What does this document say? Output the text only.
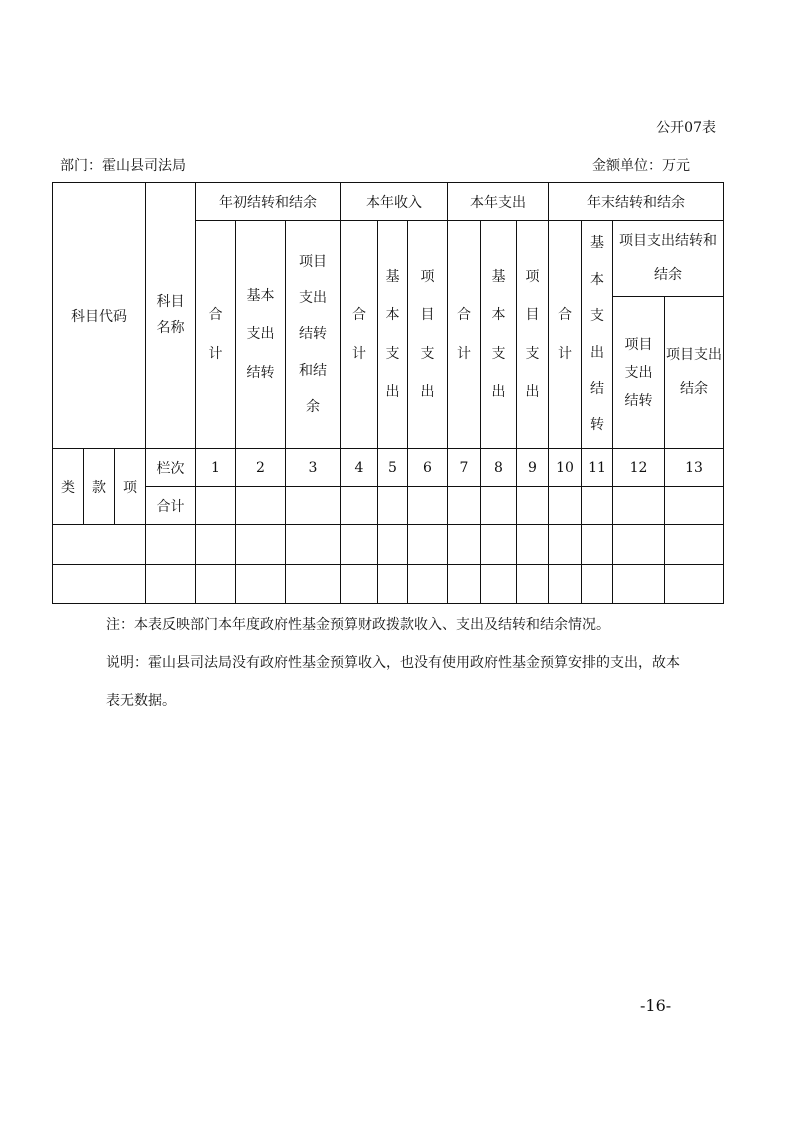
公开07表
部门：霍山县司法局	金额单位：万元
科目代码			科目名称	年初结转和结余			本年收入			本年支出			年末结转和结余			

				合计	基本支出结转	项目支出结转和结余	合计	基本支出	项目支出	合计	基本支出	项目支出	合计	基本支出结转	项目支出结转和结余	

															项目支出结转	项目支出结余

类	款	项	栏次	1	2	3	4	5	6	7	8	9	10	11	12	13
			合计													

注：本表反映部门本年度政府性基金预算财政拨款收入、支出及结转和结余情况。
说明：霍山县司法局没有政府性基金预算收入，也没有使用政府性基金预算安排的支出，故本
表无数据。
-16-
